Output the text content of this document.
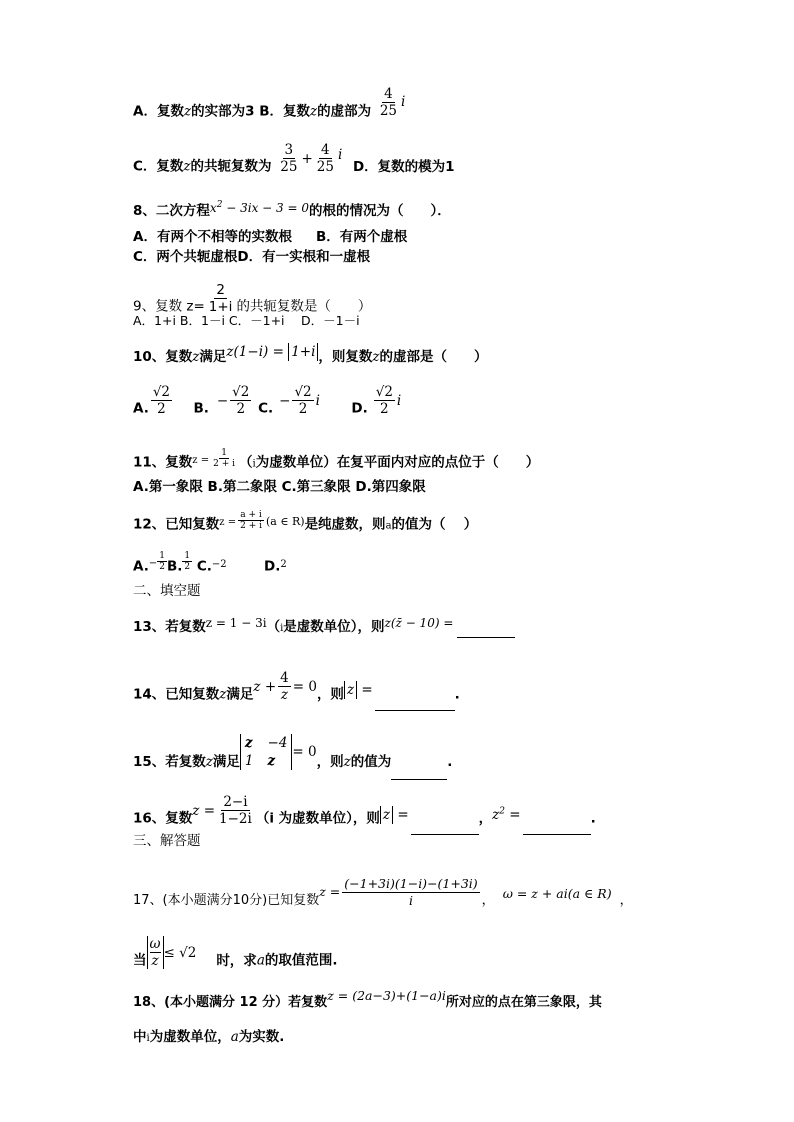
A．复数z的实部为3 B．复数z的虚部为 $\frac{4}{25}$ i
C．复数z的共轭复数为 $\frac{3}{25} + \frac{4}{25}$ i D．复数的模为1
8、二次方程$x^2 - 3ix - 3 = 0$的根的情况为（　　）．
A．有两个不相等的实数根 B．有两个虚根
C．两个共轭虚根D．有一实根和一虚根
9、复数 $z= \frac{2}{1+i}$ 的共轭复数是（　　）
A．1+i B．1－i C．－1+i　 D．－1－i
10、复数z满足z(1−i) = 1+i ，则复数z的虚部是（　　）
A. $\frac{√2}{2} B$. − $\frac{√2}{2} C$. − $\frac{√2}{2}$ i D. $\frac{√2}{2}$ i
11、复数$^{z =} \frac{1}{2 + i} (i$为虚数单位）在复平面内对应的点位于（　　）
A.第一象限 B.第二象限 C.第三象限 D.第四象限
12、已知复数$^{z =} \frac{a + i}{2 + i} ^{(a \in R)}$是纯虚数，则a的值为（　 ）
$A.^- \frac{1}{2} B$. $\frac{1}{2} C.^{-2}$	D.$^2$
二、填空题
13、若复数z = 1 − 3i（i是虚数单位），则z(z̄ − 10) =
14、已知复数z满足$z + \frac{4}{z} = 0$，则 z =	.
15、若复数z满足
z −4
1 z
= 0，则z的值为	.
16、复数$z = \frac{2-i}{1-2i} (i$ 为虚数单位），则 z =	，$z^2$ =	.
三、解答题
17、(本小题满分10分)已知复数$z = \frac{(-1+3i)(1-i)-(1+3i)}{i}$ ， ω = z + ai(a ∈ R) ，
当 $\frac{\omega}{z} \le √2$ 时，求a的取值范围.
18、(本小题满分 12 分）若复数z = (2a−3)+(1−a)i所对应的点在第三象限，其
中i为虚数单位，a为实数.
